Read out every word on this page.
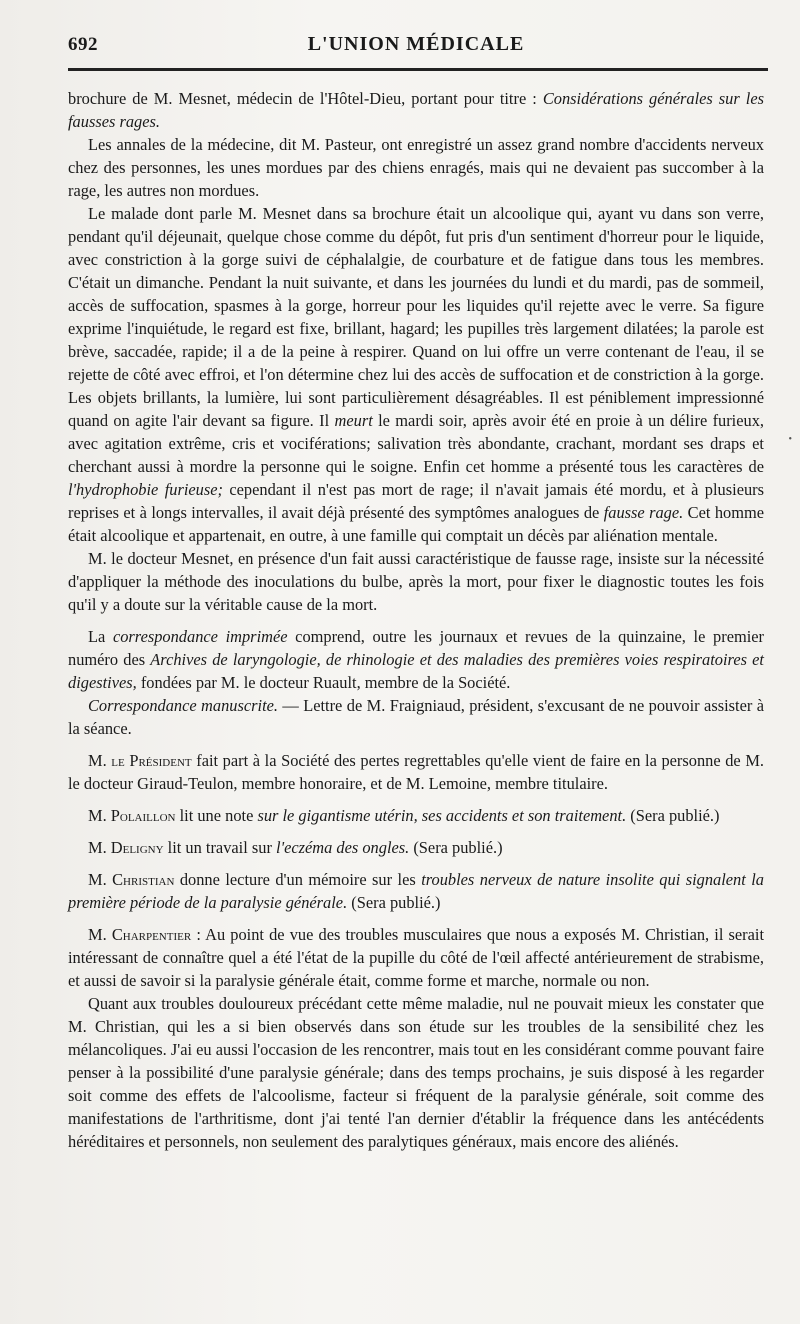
692	L'UNION MÉDICALE

brochure de M. Mesnet, médecin de l'Hôtel-Dieu, portant pour titre : Considérations générales sur les fausses rages.

Les annales de la médecine, dit M. Pasteur, ont enregistré un assez grand nombre d'accidents nerveux chez des personnes, les unes mordues par des chiens enragés, mais qui ne devaient pas succomber à la rage, les autres non mordues.

Le malade dont parle M. Mesnet dans sa brochure était un alcoolique qui, ayant vu dans son verre, pendant qu'il déjeunait, quelque chose comme du dépôt, fut pris d'un sentiment d'horreur pour le liquide, avec constriction à la gorge suivi de céphalalgie, de courbature et de fatigue dans tous les membres. C'était un dimanche. Pendant la nuit suivante, et dans les journées du lundi et du mardi, pas de sommeil, accès de suffocation, spasmes à la gorge, horreur pour les liquides qu'il rejette avec le verre. Sa figure exprime l'inquiétude, le regard est fixe, brillant, hagard; les pupilles très largement dilatées; la parole est brève, saccadée, rapide; il a de la peine à respirer. Quand on lui offre un verre contenant de l'eau, il se rejette de côté avec effroi, et l'on détermine chez lui des accès de suffocation et de constriction à la gorge. Les objets brillants, la lumière, lui sont particulièrement désagréables. Il est péniblement impressionné quand on agite l'air devant sa figure. Il meurt le mardi soir, après avoir été en proie à un délire furieux, avec agitation extrême, cris et vociférations; salivation très abondante, crachant, mordant ses draps et cherchant aussi à mordre la personne qui le soigne. Enfin cet homme a présenté tous les caractères de l'hydrophobie furieuse; cependant il n'est pas mort de rage; il n'avait jamais été mordu, et à plusieurs reprises et à longs intervalles, il avait déjà présenté des symptômes analogues de fausse rage. Cet homme était alcoolique et appartenait, en outre, à une famille qui comptait un décès par aliénation mentale.

M. le docteur Mesnet, en présence d'un fait aussi caractéristique de fausse rage, insiste sur la nécessité d'appliquer la méthode des inoculations du bulbe, après la mort, pour fixer le diagnostic toutes les fois qu'il y a doute sur la véritable cause de la mort.

La correspondance imprimée comprend, outre les journaux et revues de la quinzaine, le premier numéro des Archives de laryngologie, de rhinologie et des maladies des premières voies respiratoires et digestives, fondées par M. le docteur Ruault, membre de la Société.

Correspondance manuscrite. — Lettre de M. Fraigniaud, président, s'excusant de ne pouvoir assister à la séance.

M. le Président fait part à la Société des pertes regrettables qu'elle vient de faire en la personne de M. le docteur Giraud-Teulon, membre honoraire, et de M. Lemoine, membre titulaire.

M. Polaillon lit une note sur le gigantisme utérin, ses accidents et son traitement. (Sera publié.)

M. Deligny lit un travail sur l'eczéma des ongles. (Sera publié.)

M. Christian donne lecture d'un mémoire sur les troubles nerveux de nature insolite qui signalent la première période de la paralysie générale. (Sera publié.)

M. Charpentier : Au point de vue des troubles musculaires que nous a exposés M. Christian, il serait intéressant de connaître quel a été l'état de la pupille du côté de l'œil affecté antérieurement de strabisme, et aussi de savoir si la paralysie générale était, comme forme et marche, normale ou non.

Quant aux troubles douloureux précédant cette même maladie, nul ne pouvait mieux les constater que M. Christian, qui les a si bien observés dans son étude sur les troubles de la sensibilité chez les mélancoliques. J'ai eu aussi l'occasion de les rencontrer, mais tout en les considérant comme pouvant faire penser à la possibilité d'une paralysie générale; dans des temps prochains, je suis disposé à les regarder soit comme des effets de l'alcoolisme, facteur si fréquent de la paralysie générale, soit comme des manifestations de l'arthritisme, dont j'ai tenté l'an dernier d'établir la fréquence dans les antécédents héréditaires et personnels, non seulement des paralytiques généraux, mais encore des aliénés.

•
